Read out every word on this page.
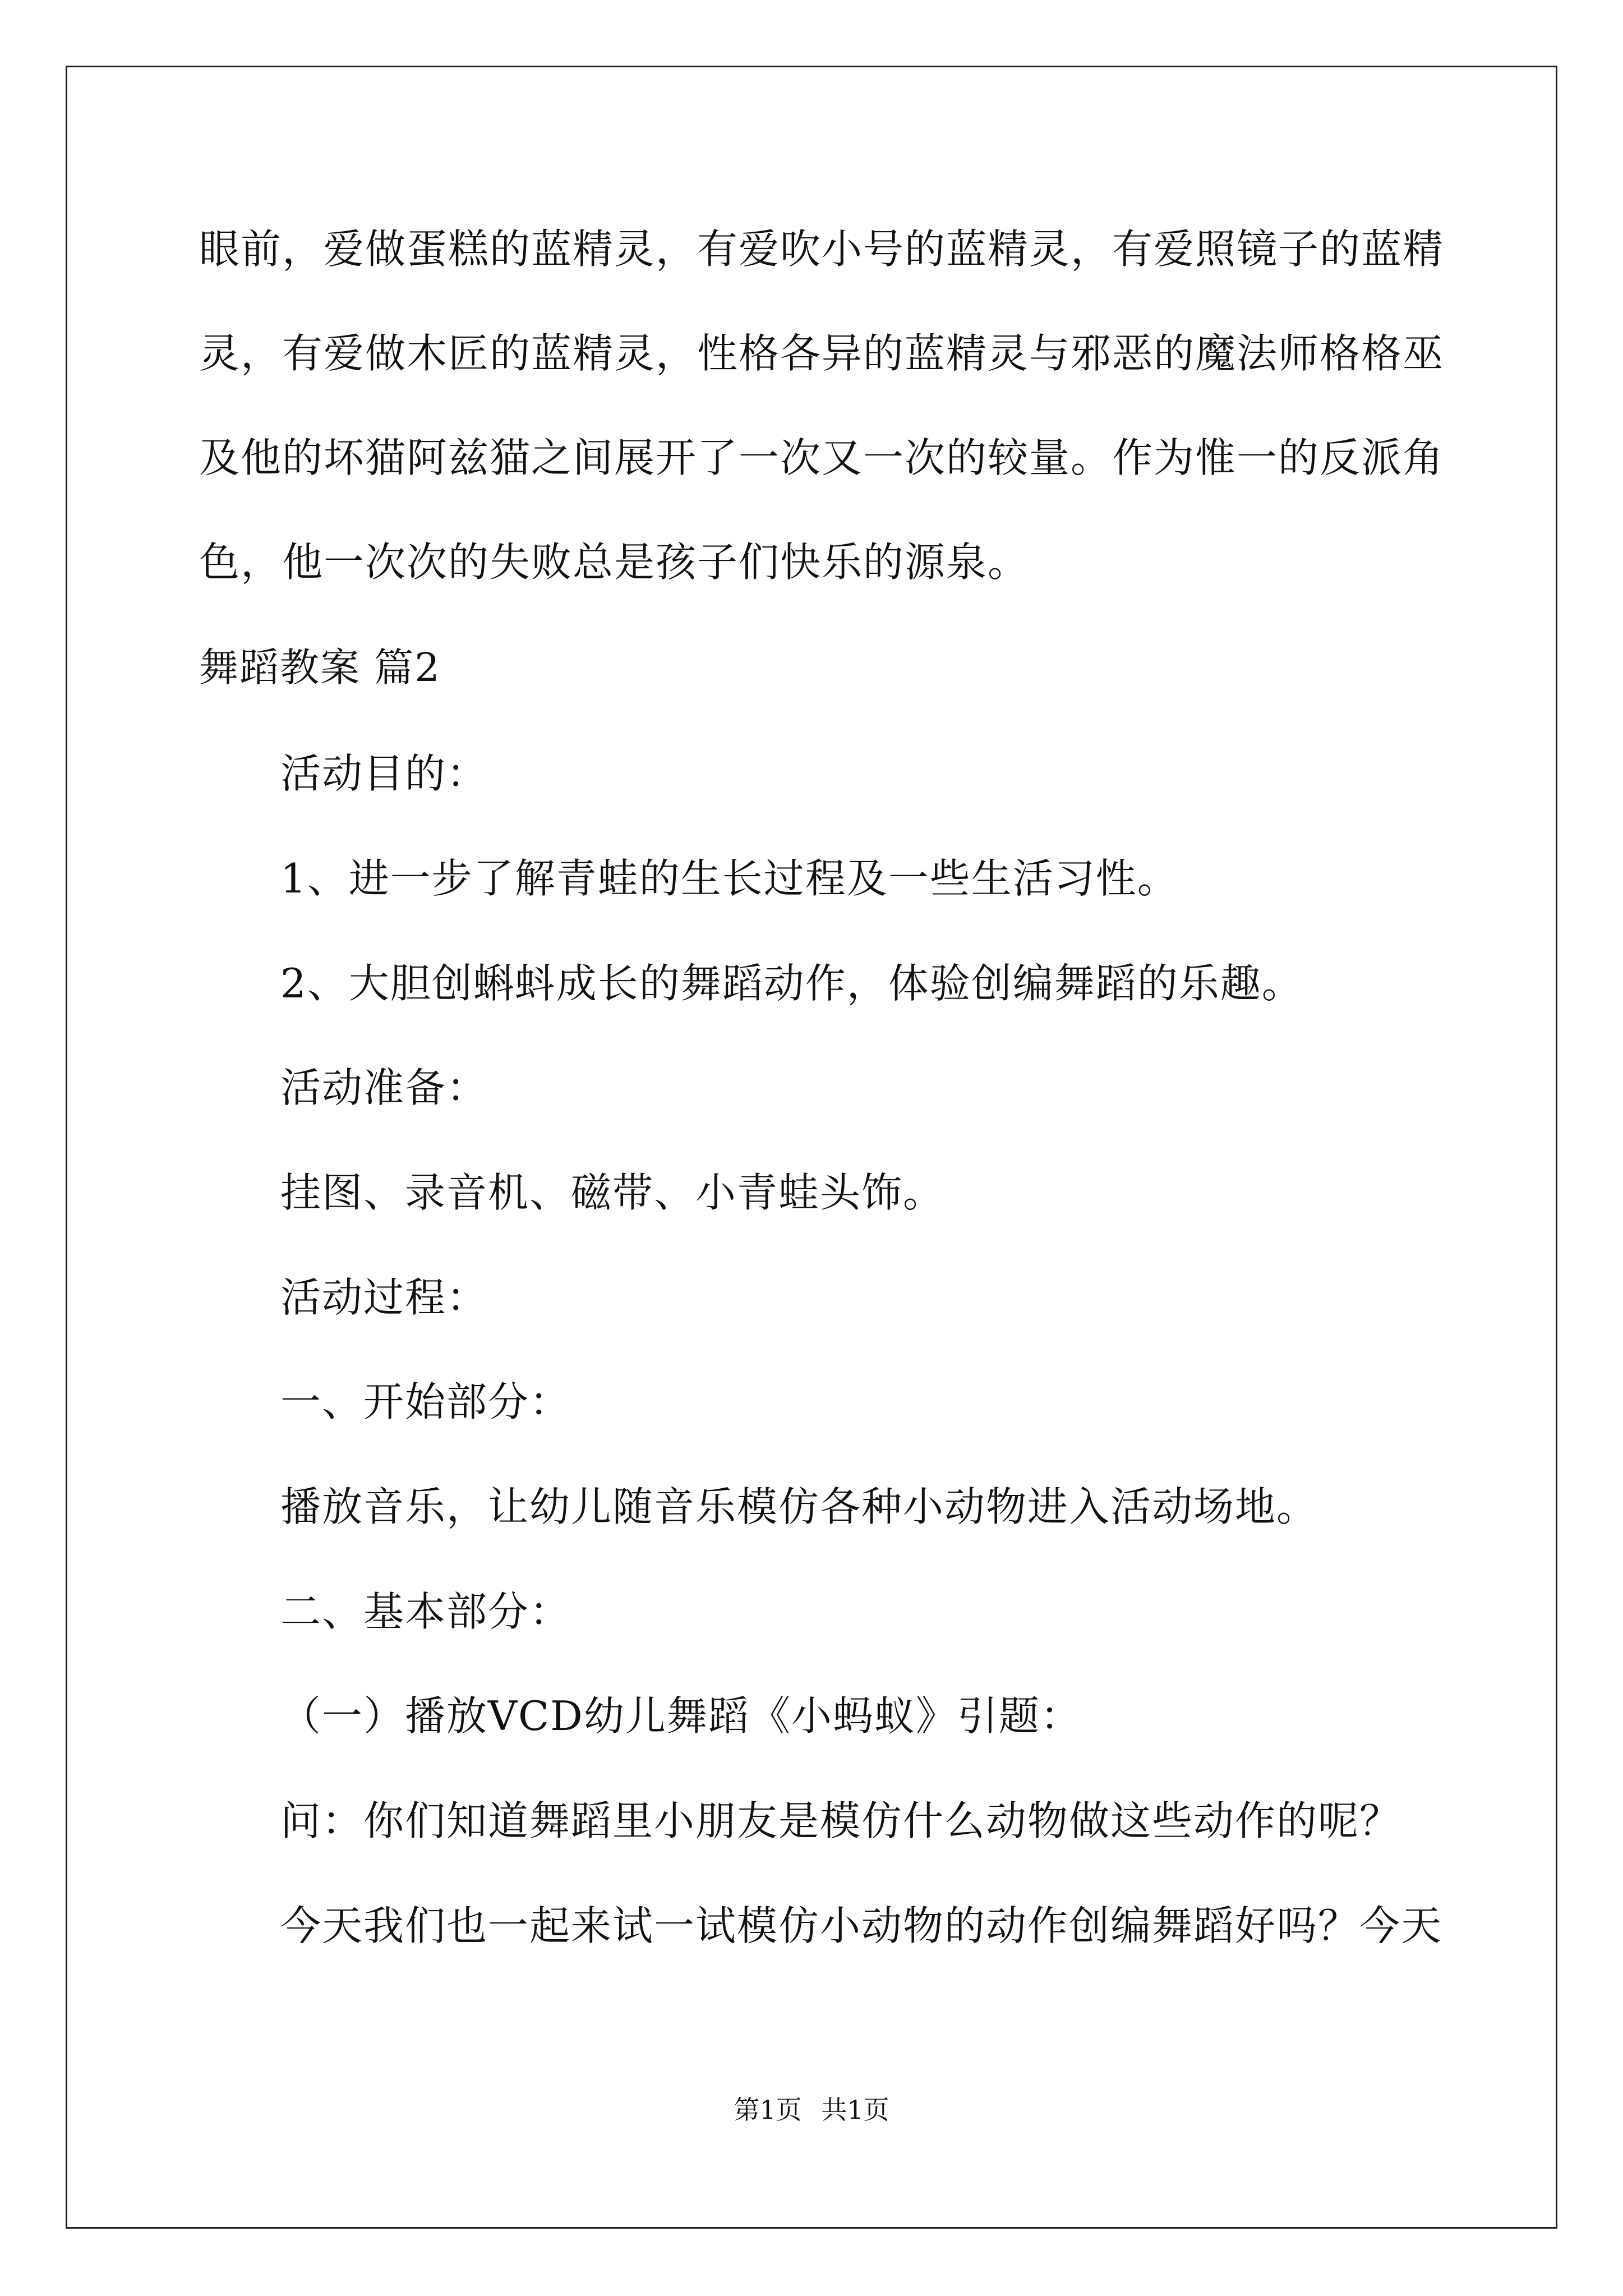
眼前，爱做蛋糕的蓝精灵，有爱吹小号的蓝精灵，有爱照镜子的蓝精
灵，有爱做木匠的蓝精灵，性格各异的蓝精灵与邪恶的魔法师格格巫
及他的坏猫阿兹猫之间展开了一次又一次的较量。作为惟一的反派角
色，他一次次的失败总是孩子们快乐的源泉。
舞蹈教案 篇2
活动目的：
1、进一步了解青蛙的生长过程及一些生活习性。
2、大胆创蝌蚪成长的舞蹈动作，体验创编舞蹈的乐趣。
活动准备：
挂图、录音机、磁带、小青蛙头饰。
活动过程：
一、开始部分：
播放音乐，让幼儿随音乐模仿各种小动物进入活动场地。
二、基本部分：
（一）播放VCD幼儿舞蹈《小蚂蚁》引题：
问：你们知道舞蹈里小朋友是模仿什么动物做这些动作的呢？
今天我们也一起来试一试模仿小动物的动作创编舞蹈好吗？今天
第1页 共1页
